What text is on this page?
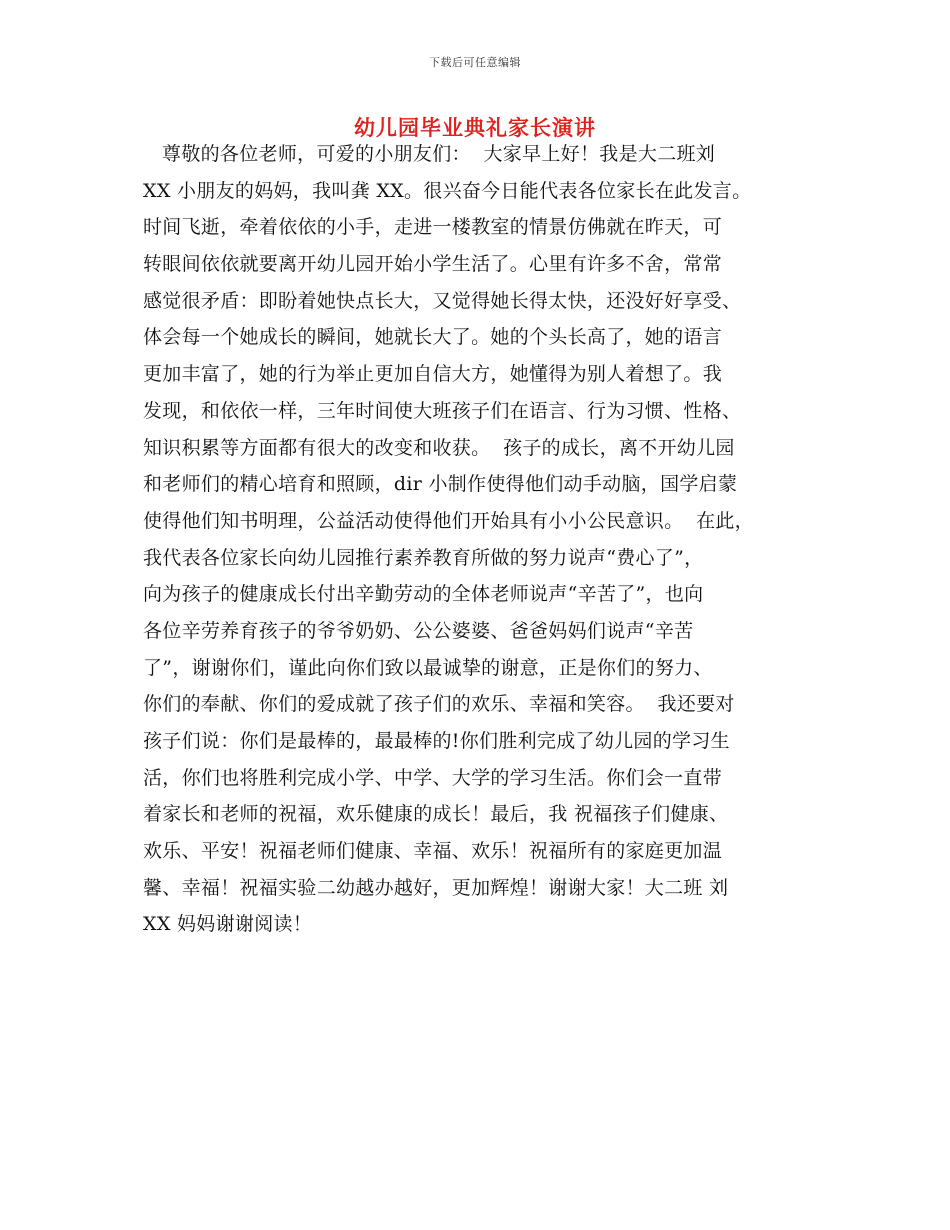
下载后可任意编辑
幼儿园毕业典礼家长演讲
尊敬的各位老师，可爱的小朋友们：  大家早上好！我是大二班刘
XX 小朋友的妈妈，我叫龚 XX。很兴奋今日能代表各位家长在此发言。
时间飞逝，牵着依依的小手，走进一楼教室的情景仿佛就在昨天，可
转眼间依依就要离开幼儿园开始小学生活了。心里有许多不舍，常常
感觉很矛盾：即盼着她快点长大，又觉得她长得太快，还没好好享受、
体会每一个她成长的瞬间，她就长大了。她的个头长高了，她的语言
更加丰富了，她的行为举止更加自信大方，她懂得为别人着想了。我
发现，和依依一样，三年时间使大班孩子们在语言、行为习惯、性格、
知识积累等方面都有很大的改变和收获。  孩子的成长，离不开幼儿园
和老师们的精心培育和照顾，dir 小制作使得他们动手动脑，国学启蒙
使得他们知书明理，公益活动使得他们开始具有小小公民意识。  在此，
我代表各位家长向幼儿园推行素养教育所做的努力说声“费心了”，
向为孩子的健康成长付出辛勤劳动的全体老师说声“辛苦了”，也向
各位辛劳养育孩子的爷爷奶奶、公公婆婆、爸爸妈妈们说声“辛苦
了”，谢谢你们，谨此向你们致以最诚挚的谢意，正是你们的努力、
你们的奉献、你们的爱成就了孩子们的欢乐、幸福和笑容。  我还要对
孩子们说：你们是最棒的，最最棒的!你们胜利完成了幼儿园的学习生
活，你们也将胜利完成小学、中学、大学的学习生活。你们会一直带
着家长和老师的祝福，欢乐健康的成长！最后，我 祝福孩子们健康、
欢乐、平安！祝福老师们健康、幸福、欢乐！祝福所有的家庭更加温
馨、幸福！祝福实验二幼越办越好，更加辉煌！谢谢大家！大二班 刘
XX 妈妈谢谢阅读！
